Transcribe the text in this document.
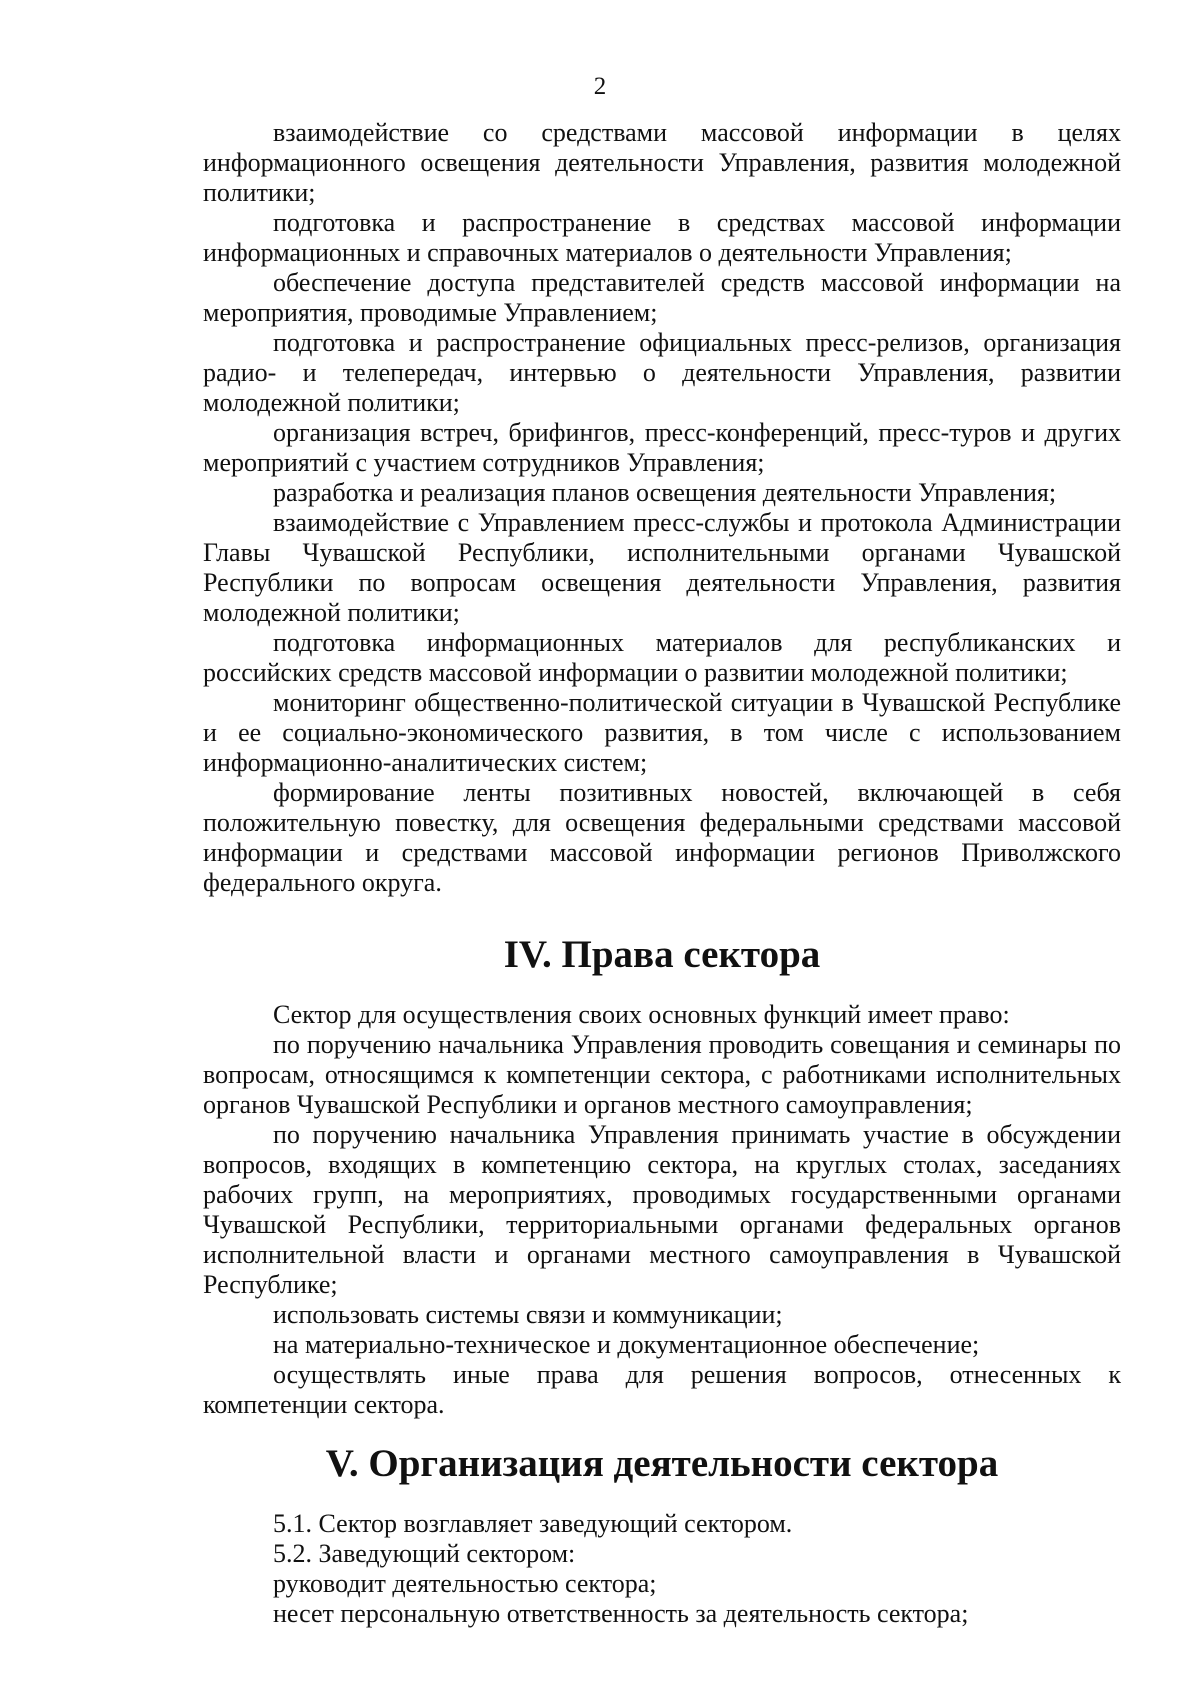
2

взаимодействие со средствами массовой информации в целях информационного освещения деятельности Управления, развития молодежной политики;

подготовка и распространение в средствах массовой информации информационных и справочных материалов о деятельности Управления;

обеспечение доступа представителей средств массовой информации на мероприятия, проводимые Управлением;

подготовка и распространение официальных пресс-релизов, организация радио- и телепередач, интервью о деятельности Управления, развитии молодежной политики;

организация встреч, брифингов, пресс-конференций, пресс-туров и других мероприятий с участием сотрудников Управления;

разработка и реализация планов освещения деятельности Управления;

взаимодействие с Управлением пресс-службы и протокола Администрации Главы Чувашской Республики, исполнительными органами Чувашской Республики по вопросам освещения деятельности Управления, развития молодежной политики;

подготовка информационных материалов для республиканских и российских средств массовой информации о развитии молодежной политики;

мониторинг общественно-политической ситуации в Чувашской Республике и ее социально-экономического развития, в том числе с использованием информационно-аналитических систем;

формирование ленты позитивных новостей, включающей в себя положительную повестку, для освещения федеральными средствами массовой информации и средствами массовой информации регионов Приволжского федерального округа.

IV. Права сектора

Сектор для осуществления своих основных функций имеет право:

по поручению начальника Управления проводить совещания и семинары по вопросам, относящимся к компетенции сектора, с работниками исполнительных органов Чувашской Республики и органов местного самоуправления;

по поручению начальника Управления принимать участие в обсуждении вопросов, входящих в компетенцию сектора, на круглых столах, заседаниях рабочих групп, на мероприятиях, проводимых государственными органами Чувашской Республики, территориальными органами федеральных органов исполнительной власти и органами местного самоуправления в Чувашской Республике;

использовать системы связи и коммуникации;

на материально-техническое и документационное обеспечение;

осуществлять иные права для решения вопросов, отнесенных к компетенции сектора.

V. Организация деятельности сектора

5.1. Сектор возглавляет заведующий сектором.

5.2. Заведующий сектором:

руководит деятельностью сектора;

несет персональную ответственность за деятельность сектора;
